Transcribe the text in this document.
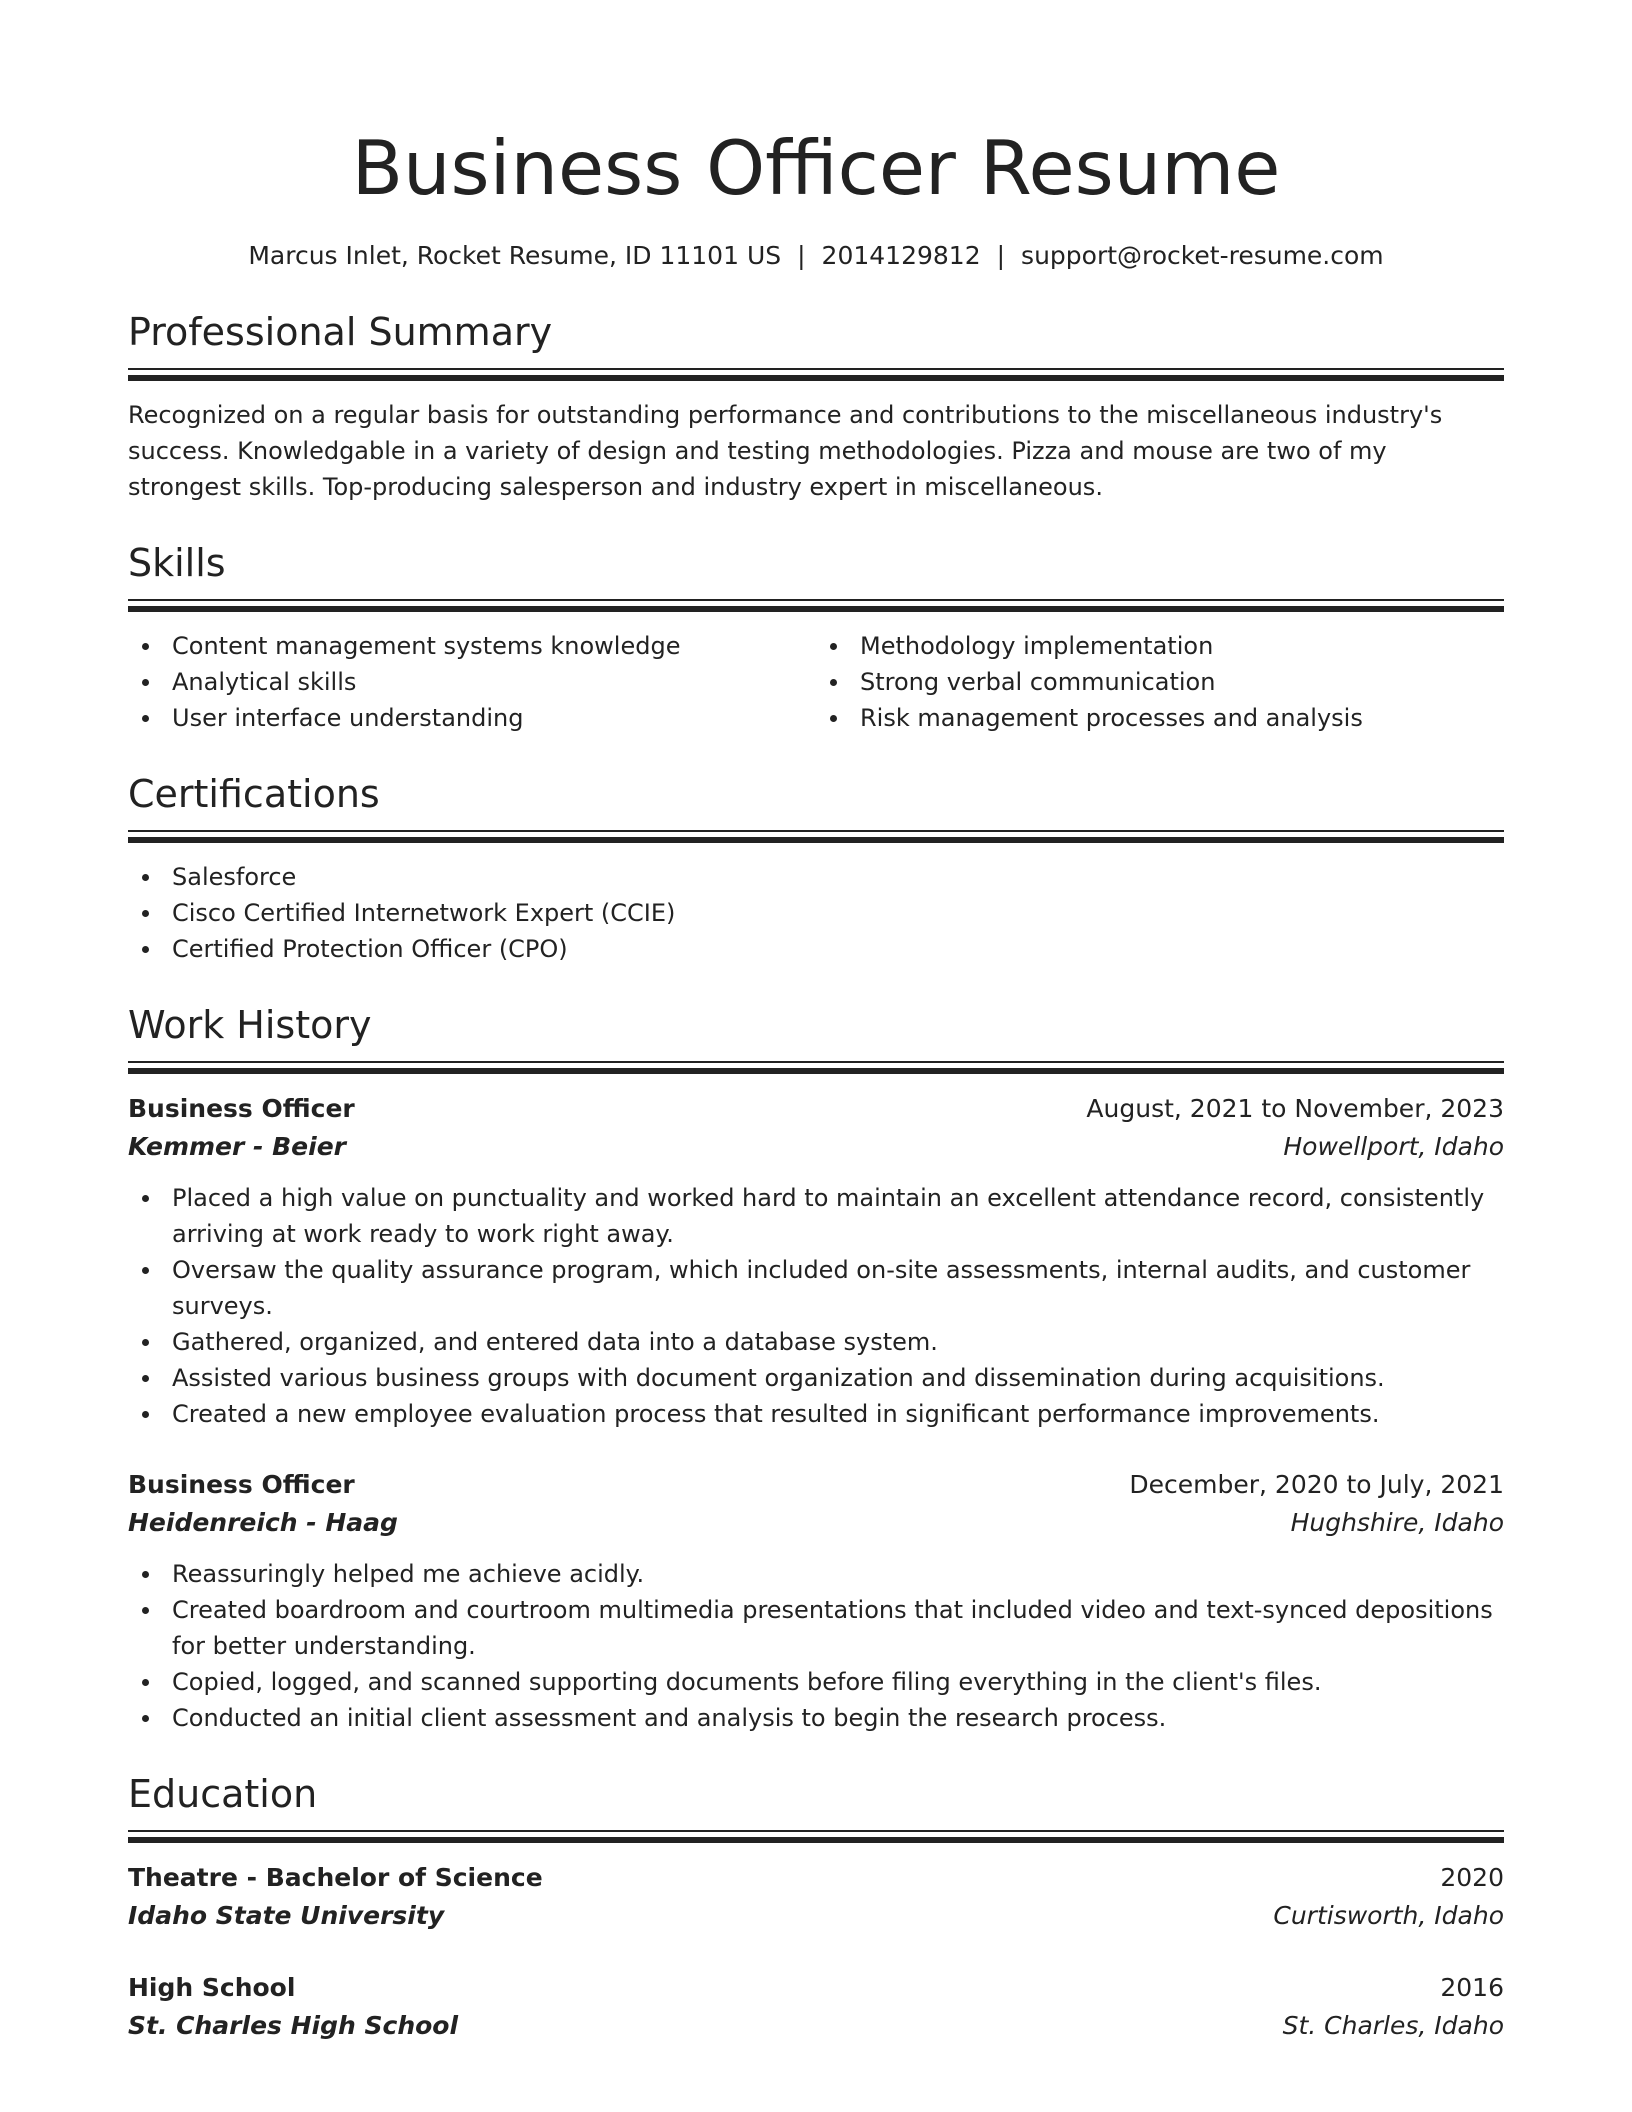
Business Officer Resume
Marcus Inlet, Rocket Resume, ID 11101 US | 2014129812 | support@rocket-resume.com
Professional Summary

Recognized on a regular basis for outstanding performance and contributions to the miscellaneous industry's success. Knowledgable in a variety of design and testing methodologies. Pizza and mouse are two of my strongest skills. Top-producing salesperson and industry expert in miscellaneous.

Skills
Content management systems knowledge
Analytical skills
User interface understanding
Methodology implementation
Strong verbal communication
Risk management processes and analysis
Certifications
Salesforce
Cisco Certified Internetwork Expert (CCIE)
Certified Protection Officer (CPO)
Work History
Business Officer	August, 2021 to November, 2023
Kemmer - Beier	Howellport, Idaho
Placed a high value on punctuality and worked hard to maintain an excellent attendance record, consistently arriving at work ready to work right away.
Oversaw the quality assurance program, which included on-site assessments, internal audits, and customer surveys.
Gathered, organized, and entered data into a database system.
Assisted various business groups with document organization and dissemination during acquisitions.
Created a new employee evaluation process that resulted in significant performance improvements.
Business Officer	December, 2020 to July, 2021
Heidenreich - Haag	Hughshire, Idaho
Reassuringly helped me achieve acidly.
Created boardroom and courtroom multimedia presentations that included video and text-synced depositions for better understanding.
Copied, logged, and scanned supporting documents before filing everything in the client's files.
Conducted an initial client assessment and analysis to begin the research process.
Education
Theatre - Bachelor of Science	2020
Idaho State University	Curtisworth, Idaho
High School	2016
St. Charles High School	St. Charles, Idaho
